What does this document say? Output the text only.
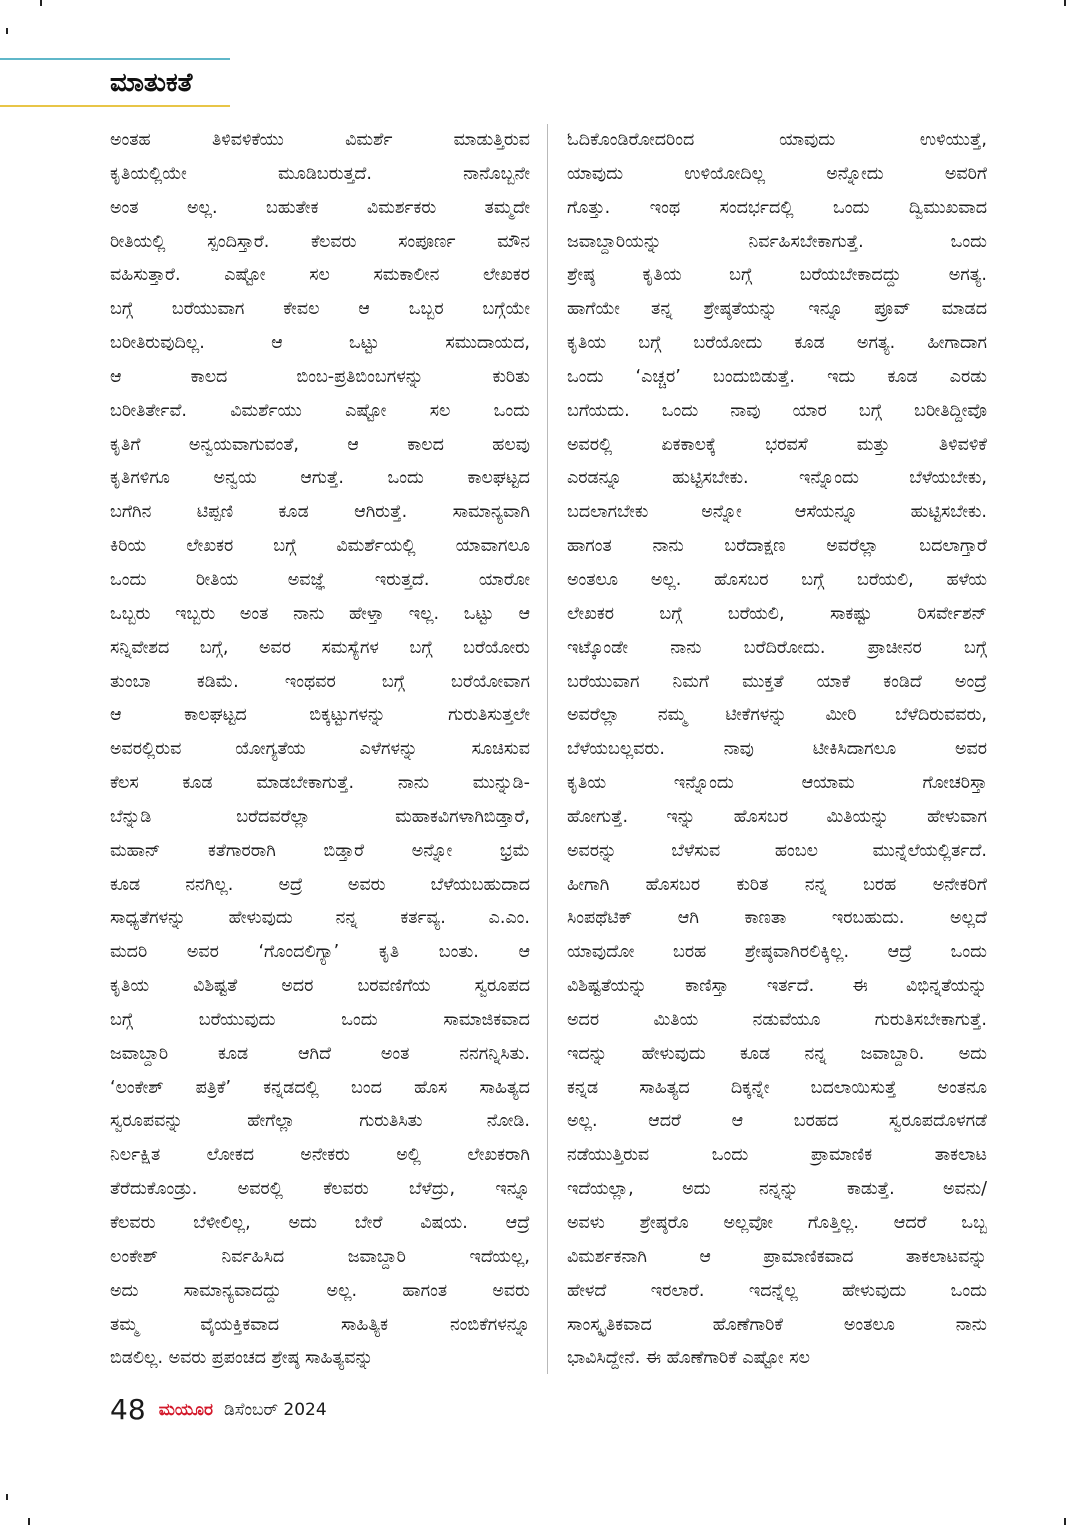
ಮಾತುಕತೆ
ಅಂತಹ ತಿಳಿವಳಿಕೆಯು ವಿಮರ್ಶೆ ಮಾಡುತ್ತಿರುವ
ಕೃತಿಯಲ್ಲಿಯೇ ಮೂಡಿಬರುತ್ತದೆ. ನಾನೊಬ್ಬನೇ
ಅಂತ ಅಲ್ಲ. ಬಹುತೇಕ ವಿಮರ್ಶಕರು ತಮ್ಮದೇ
ರೀತಿಯಲ್ಲಿ ಸ್ಪಂದಿಸ್ತಾರೆ. ಕೆಲವರು ಸಂಪೂರ್ಣ ಮೌನ
ವಹಿಸುತ್ತಾರೆ. ಎಷ್ಟೋ ಸಲ ಸಮಕಾಲೀನ ಲೇಖಕರ
ಬಗ್ಗೆ ಬರೆಯುವಾಗ ಕೇವಲ ಆ ಒಬ್ಬರ ಬಗ್ಗೆಯೇ
ಬರೀತಿರುವುದಿಲ್ಲ. ಆ ಒಟ್ಟು ಸಮುದಾಯದ,
ಆ ಕಾಲದ ಬಿಂಬ-ಪ್ರತಿಬಿಂಬಗಳನ್ನು ಕುರಿತು
ಬರೀತಿರ್ತೇವೆ. ವಿಮರ್ಶೆಯು ಎಷ್ಟೋ ಸಲ ಒಂದು
ಕೃತಿಗೆ ಅನ್ವಯವಾಗುವಂತೆ, ಆ ಕಾಲದ ಹಲವು
ಕೃತಿಗಳಿಗೂ ಅನ್ವಯ ಆಗುತ್ತೆ. ಒಂದು ಕಾಲಘಟ್ಟದ
ಬಗೆಗಿನ ಟಿಪ್ಪಣಿ ಕೂಡ ಆಗಿರುತ್ತೆ. ಸಾಮಾನ್ಯವಾಗಿ
ಕಿರಿಯ ಲೇಖಕರ ಬಗ್ಗೆ ವಿಮರ್ಶೆಯಲ್ಲಿ ಯಾವಾಗಲೂ
ಒಂದು ರೀತಿಯ ಅವಜ್ಞೆ ಇರುತ್ತದೆ. ಯಾರೋ
ಒಬ್ಬರು ಇಬ್ಬರು ಅಂತ ನಾನು ಹೇಳ್ತಾ ಇಲ್ಲ. ಒಟ್ಟು ಆ
ಸನ್ನಿವೇಶದ ಬಗ್ಗೆ, ಅವರ ಸಮಸ್ಯೆಗಳ ಬಗ್ಗೆ ಬರೆಯೋರು
ತುಂಬಾ ಕಡಿಮೆ. ಇಂಥವರ ಬಗ್ಗೆ ಬರೆಯೋವಾಗ
ಆ ಕಾಲಘಟ್ಟದ ಬಿಕ್ಕಟ್ಟುಗಳನ್ನು ಗುರುತಿಸುತ್ತಲೇ
ಅವರಲ್ಲಿರುವ ಯೋಗ್ಯತೆಯ ಎಳೆಗಳನ್ನು ಸೂಚಿಸುವ
ಕೆಲಸ ಕೂಡ ಮಾಡಬೇಕಾಗುತ್ತೆ. ನಾನು ಮುನ್ನುಡಿ-
ಬೆನ್ನುಡಿ ಬರೆದವರೆಲ್ಲಾ ಮಹಾಕವಿಗಳಾಗಿಬಿಡ್ತಾರೆ,
ಮಹಾನ್ ಕತೆಗಾರರಾಗಿ ಬಿಡ್ತಾರೆ ಅನ್ನೋ ಭ್ರಮೆ
ಕೂಡ ನನಗಿಲ್ಲ. ಅದ್ರೆ ಅವರು ಬೆಳೆಯಬಹುದಾದ
ಸಾಧ್ಯತೆಗಳನ್ನು ಹೇಳುವುದು ನನ್ನ ಕರ್ತವ್ಯ. ಎ.ಎಂ.
ಮದರಿ ಅವರ ‘ಗೊಂದಲಿಗ್ಯಾ’ ಕೃತಿ ಬಂತು. ಆ
ಕೃತಿಯ ವಿಶಿಷ್ಟತೆ ಅದರ ಬರವಣಿಗೆಯ ಸ್ವರೂಪದ
ಬಗ್ಗೆ ಬರೆಯುವುದು ಒಂದು ಸಾಮಾಜಿಕವಾದ
ಜವಾಬ್ದಾರಿ ಕೂಡ ಆಗಿದೆ ಅಂತ ನನಗನ್ನಿಸಿತು.
‘ಲಂಕೇಶ್ ಪತ್ರಿಕೆ’ ಕನ್ನಡದಲ್ಲಿ ಬಂದ ಹೊಸ ಸಾಹಿತ್ಯದ
ಸ್ವರೂಪವನ್ನು ಹೇಗೆಲ್ಲಾ ಗುರುತಿಸಿತು ನೋಡಿ.
ನಿರ್ಲಕ್ಷಿತ ಲೋಕದ ಅನೇಕರು ಅಲ್ಲಿ ಲೇಖಕರಾಗಿ
ತೆರೆದುಕೊಂಡ್ರು. ಅವರಲ್ಲಿ ಕೆಲವರು ಬೆಳೆದ್ರು, ಇನ್ನೂ
ಕೆಲವರು ಬೆಳೀಲಿಲ್ಲ, ಅದು ಬೇರೆ ವಿಷಯ. ಆದ್ರೆ
ಲಂಕೇಶ್ ನಿರ್ವಹಿಸಿದ ಜವಾಬ್ದಾರಿ ಇದೆಯಲ್ಲ,
ಅದು ಸಾಮಾನ್ಯವಾದದ್ದು ಅಲ್ಲ. ಹಾಗಂತ ಅವರು
ತಮ್ಮ ವೈಯಕ್ತಿಕವಾದ ಸಾಹಿತ್ಯಿಕ ನಂಬಿಕೆಗಳನ್ನೂ
ಬಿಡಲಿಲ್ಲ. ಅವರು ಪ್ರಪಂಚದ ಶ್ರೇಷ್ಠ ಸಾಹಿತ್ಯವನ್ನು
ಓದಿಕೊಂಡಿರೋದರಿಂದ ಯಾವುದು ಉಳಿಯುತ್ತೆ,
ಯಾವುದು ಉಳಿಯೋದಿಲ್ಲ ಅನ್ನೋದು ಅವರಿಗೆ
ಗೊತ್ತು. ಇಂಥ ಸಂದರ್ಭದಲ್ಲಿ ಒಂದು ದ್ವಿಮುಖವಾದ
ಜವಾಬ್ದಾರಿಯನ್ನು ನಿರ್ವಹಿಸಬೇಕಾಗುತ್ತೆ. ಒಂದು
ಶ್ರೇಷ್ಠ ಕೃತಿಯ ಬಗ್ಗೆ ಬರೆಯಬೇಕಾದದ್ದು ಅಗತ್ಯ.
ಹಾಗೆಯೇ ತನ್ನ ಶ್ರೇಷ್ಠತೆಯನ್ನು ಇನ್ನೂ ಪ್ರೂವ್ ಮಾಡದ
ಕೃತಿಯ ಬಗ್ಗೆ ಬರೆಯೋದು ಕೂಡ ಅಗತ್ಯ. ಹೀಗಾದಾಗ
ಒಂದು ‘ಎಚ್ಚರ’ ಬಂದುಬಿಡುತ್ತೆ. ಇದು ಕೂಡ ಎರಡು
ಬಗೆಯದು. ಒಂದು ನಾವು ಯಾರ ಬಗ್ಗೆ ಬರೀತಿದ್ದೀವೊ
ಅವರಲ್ಲಿ ಏಕಕಾಲಕ್ಕೆ ಭರವಸೆ ಮತ್ತು ತಿಳಿವಳಿಕೆ
ಎರಡನ್ನೂ ಹುಟ್ಟಿಸಬೇಕು. ಇನ್ನೊಂದು ಬೆಳೆಯಬೇಕು,
ಬದಲಾಗಬೇಕು ಅನ್ನೋ ಆಸೆಯನ್ನೂ ಹುಟ್ಟಿಸಬೇಕು.
ಹಾಗಂತ ನಾನು ಬರೆದಾಕ್ಷಣ ಅವರೆಲ್ಲಾ ಬದಲಾಗ್ತಾರೆ
ಅಂತಲೂ ಅಲ್ಲ. ಹೊಸಬರ ಬಗ್ಗೆ ಬರೆಯಲಿ, ಹಳೆಯ
ಲೇಖಕರ ಬಗ್ಗೆ ಬರೆಯಲಿ, ಸಾಕಷ್ಟು ರಿಸರ್ವೇಶನ್
ಇಟ್ಕೊಂಡೇ ನಾನು ಬರೆದಿರೋದು. ಪ್ರಾಚೀನರ ಬಗ್ಗೆ
ಬರೆಯುವಾಗ ನಿಮಗೆ ಮುಕ್ತತೆ ಯಾಕೆ ಕಂಡಿದೆ ಅಂದ್ರೆ
ಅವರೆಲ್ಲಾ ನಮ್ಮ ಟೀಕೆಗಳನ್ನು ಮೀರಿ ಬೆಳೆದಿರುವವರು,
ಬೆಳೆಯಬಲ್ಲವರು. ನಾವು ಟೀಕಿಸಿದಾಗಲೂ ಅವರ
ಕೃತಿಯ ಇನ್ನೊಂದು ಆಯಾಮ ಗೋಚರಿಸ್ತಾ
ಹೋಗುತ್ತೆ. ಇನ್ನು ಹೊಸಬರ ಮಿತಿಯನ್ನು ಹೇಳುವಾಗ
ಅವರನ್ನು ಬೆಳೆಸುವ ಹಂಬಲ ಮುನ್ನೆಲೆಯಲ್ಲಿರ್ತದೆ.
ಹೀಗಾಗಿ ಹೊಸಬರ ಕುರಿತ ನನ್ನ ಬರಹ ಅನೇಕರಿಗೆ
ಸಿಂಪಥೆಟಿಕ್ ಆಗಿ ಕಾಣತಾ ಇರಬಹುದು. ಅಲ್ಲದೆ
ಯಾವುದೋ ಬರಹ ಶ್ರೇಷ್ಠವಾಗಿರಲಿಕ್ಕಿಲ್ಲ. ಆದ್ರೆ ಒಂದು
ವಿಶಿಷ್ಟತೆಯನ್ನು ಕಾಣಿಸ್ತಾ ಇರ್ತದೆ. ಈ ವಿಭಿನ್ನತೆಯನ್ನು
ಅದರ ಮಿತಿಯ ನಡುವೆಯೂ ಗುರುತಿಸಬೇಕಾಗುತ್ತೆ.
ಇದನ್ನು ಹೇಳುವುದು ಕೂಡ ನನ್ನ ಜವಾಬ್ದಾರಿ. ಅದು
ಕನ್ನಡ ಸಾಹಿತ್ಯದ ದಿಕ್ಕನ್ನೇ ಬದಲಾಯಿಸುತ್ತೆ ಅಂತನೂ
ಅಲ್ಲ. ಆದರೆ ಆ ಬರಹದ ಸ್ವರೂಪದೊಳಗಡೆ
ನಡೆಯುತ್ತಿರುವ ಒಂದು ಪ್ರಾಮಾಣಿಕ ತಾಕಲಾಟ
ಇದೆಯಲ್ಲಾ, ಅದು ನನ್ನನ್ನು ಕಾಡುತ್ತೆ. ಅವನು/
ಅವಳು ಶ್ರೇಷ್ಠರೊ ಅಲ್ಲವೋ ಗೊತ್ತಿಲ್ಲ. ಆದರೆ ಒಬ್ಬ
ವಿಮರ್ಶಕನಾಗಿ ಆ ಪ್ರಾಮಾಣಿಕವಾದ ತಾಕಲಾಟವನ್ನು
ಹೇಳದೆ ಇರಲಾರೆ. ಇದನ್ನೆಲ್ಲ ಹೇಳುವುದು ಒಂದು
ಸಾಂಸ್ಕೃತಿಕವಾದ ಹೊಣೆಗಾರಿಕೆ ಅಂತಲೂ ನಾನು
ಭಾವಿಸಿದ್ದೇನೆ. ಈ ಹೊಣೆಗಾರಿಕೆ ಎಷ್ಟೋ ಸಲ
48 ಮಯೂರ ಡಿಸೆಂಬರ್ 2024
